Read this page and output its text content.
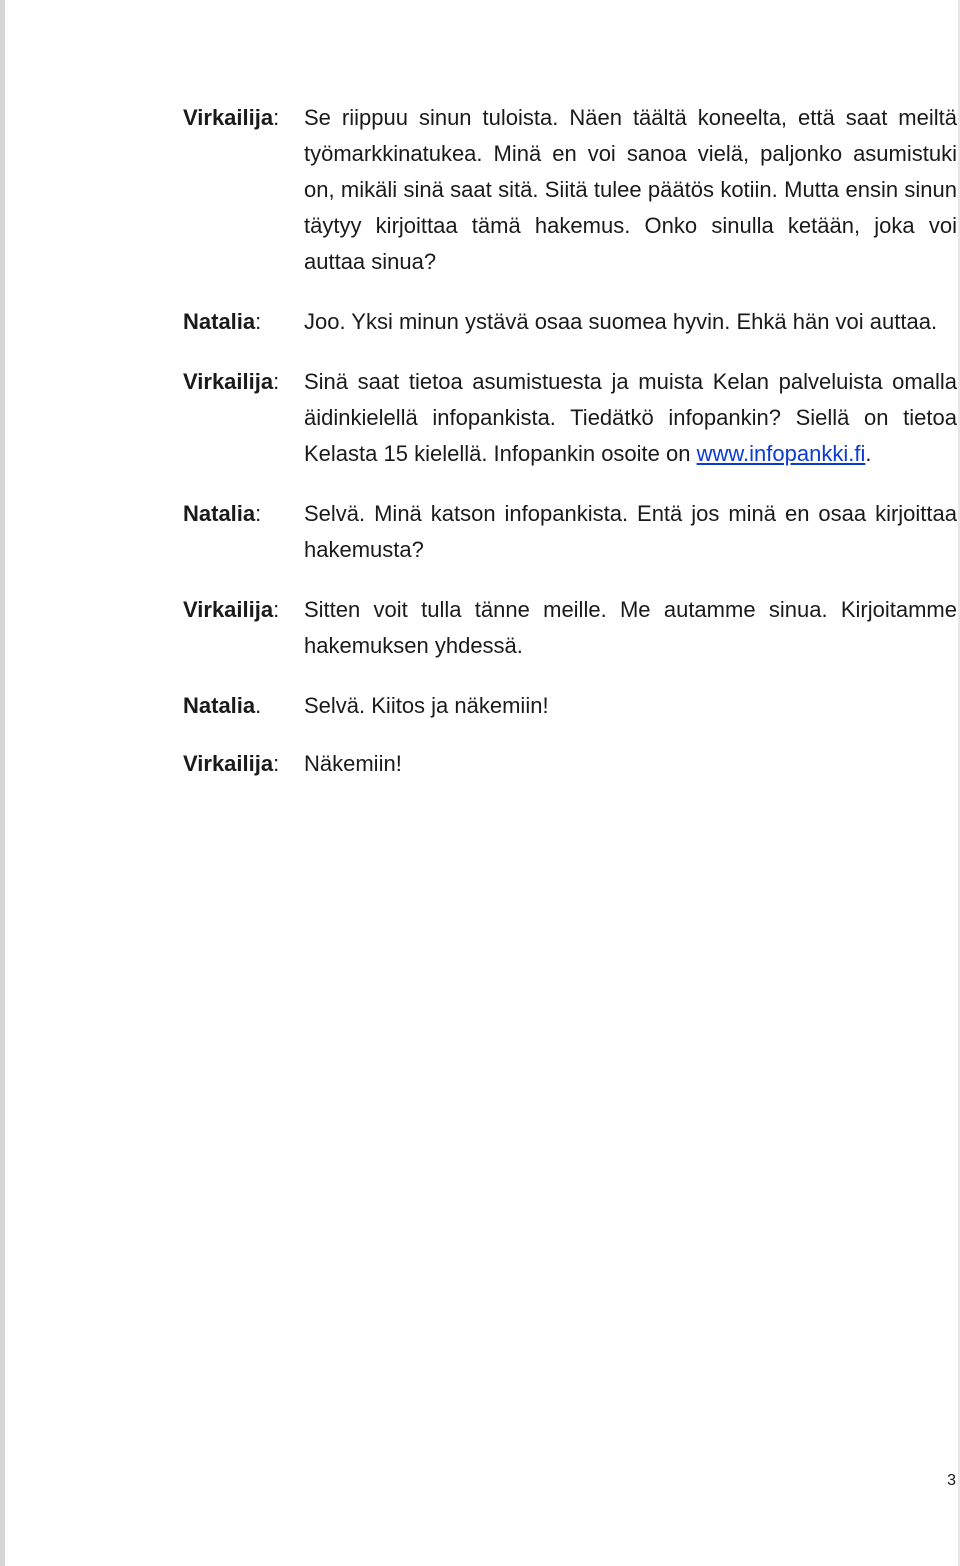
Virkailija:	Se riippuu sinun tuloista. Näen täältä koneelta, että saat meiltä työmarkkinatukea. Minä en voi sanoa vielä, paljonko asumistuki on, mikäli sinä saat sitä. Siitä tulee päätös kotiin. Mutta ensin sinun täytyy kirjoittaa tämä hakemus. Onko sinulla ketään, joka voi auttaa sinua?
Natalia:	Joo. Yksi minun ystävä osaa suomea hyvin. Ehkä hän voi auttaa.
Virkailija:	Sinä saat tietoa asumistuesta ja muista Kelan palveluista omalla äidinkielellä infopankista. Tiedätkö infopankin? Siellä on tietoa Kelasta 15 kielellä. Infopankin osoite on www.infopankki.fi.
Natalia:	Selvä. Minä katson infopankista. Entä jos minä en osaa kirjoittaa hakemusta?
Virkailija:	Sitten voit tulla tänne meille. Me autamme sinua. Kirjoitamme hakemuksen yhdessä.
Natalia.	Selvä. Kiitos ja näkemiin!
Virkailija:	Näkemiin!
3
